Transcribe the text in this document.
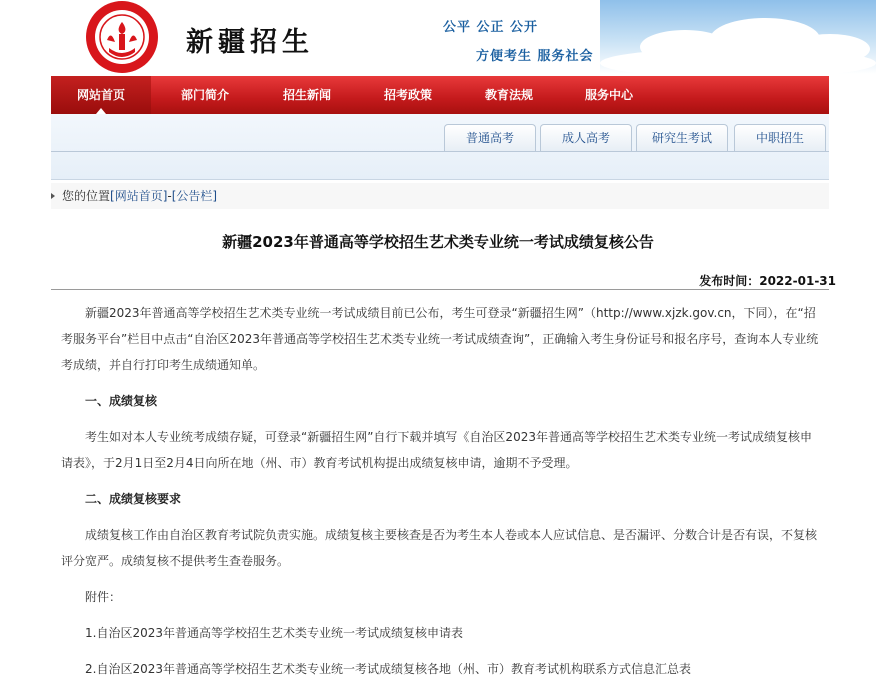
新疆招生	公平 公正 公开
方便考生 服务社会
网站首页	部门简介	招生新闻	招考政策	教育法规	服务中心
普通高考	成人高考	研究生考试	中职招生
您的位置[网站首页]-[公告栏]
新疆2023年普通高等学校招生艺术类专业统一考试成绩复核公告
发布时间：2022-01-31

新疆2023年普通高等学校招生艺术类专业统一考试成绩目前已公布，考生可登录“新疆招生网”（http://www.xjzk.gov.cn，下同），在“招考服务平台”栏目中点击“自治区2023年普通高等学校招生艺术类专业统一考试成绩查询”，正确输入考生身份证号和报名序号，查询本人专业统考成绩，并自行打印考生成绩通知单。

一、成绩复核

考生如对本人专业统考成绩存疑，可登录“新疆招生网”自行下载并填写《自治区2023年普通高等学校招生艺术类专业统一考试成绩复核申请表》，于2月1日至2月4日向所在地（州、市）教育考试机构提出成绩复核申请，逾期不予受理。

二、成绩复核要求

成绩复核工作由自治区教育考试院负责实施。成绩复核主要核查是否为考生本人卷或本人应试信息、是否漏评、分数合计是否有误，不复核评分宽严。成绩复核不提供考生查卷服务。

附件：

1.自治区2023年普通高等学校招生艺术类专业统一考试成绩复核申请表

2.自治区2023年普通高等学校招生艺术类专业统一考试成绩复核各地（州、市）教育考试机构联系方式信息汇总表
